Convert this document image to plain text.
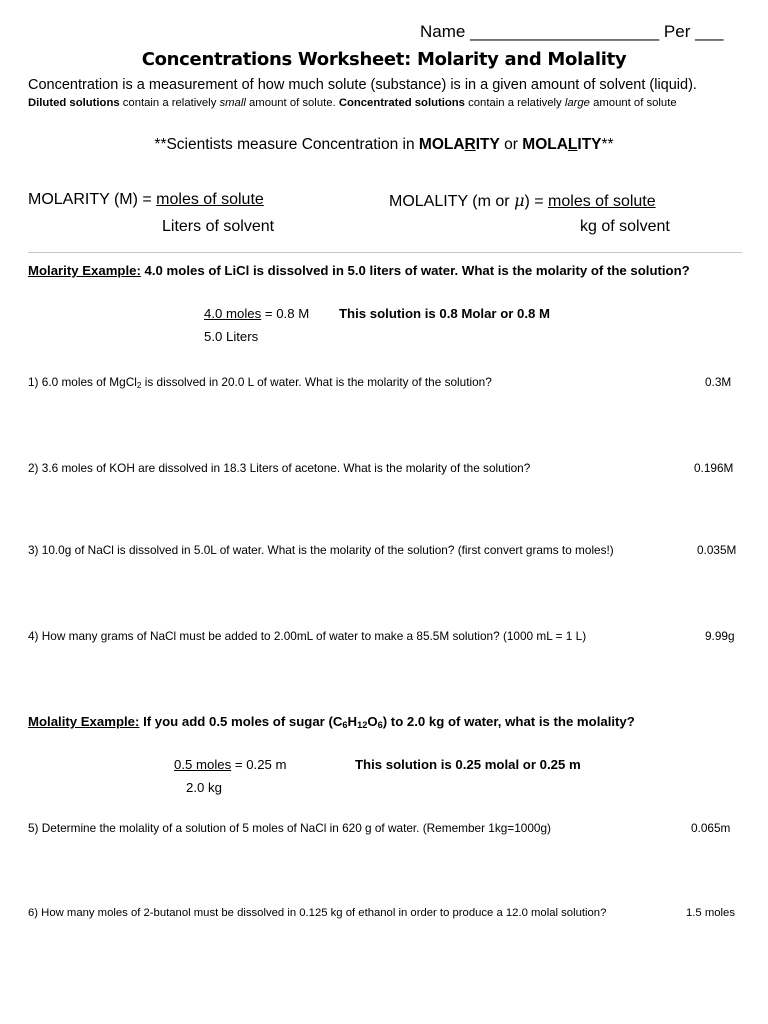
Name ____________________ Per ___
Concentrations Worksheet: Molarity and Molality
Concentration is a measurement of how much solute (substance) is in a given amount of solvent (liquid).
Diluted solutions contain a relatively small amount of solute. Concentrated solutions contain a relatively large amount of solute
**Scientists measure Concentration in MOLARITY or MOLALITY**
MOLARITY (M) = moles of solute
Liters of solvent
MOLALITY (m or μ) = moles of solute
kg of solvent
Molarity Example: 4.0 moles of LiCl is dissolved in 5.0 liters of water. What is the molarity of the solution?
4.0 moles = 0.8 M This solution is 0.8 Molar or 0.8 M
5.0 Liters
1) 6.0 moles of MgCl$_2$ is dissolved in 20.0 L of water. What is the molarity of the solution?	0.3M
2) 3.6 moles of KOH are dissolved in 18.3 Liters of acetone. What is the molarity of the solution?	0.196M
3) 10.0g of NaCl is dissolved in 5.0L of water. What is the molarity of the solution? (first convert grams to moles!)	0.035M
4) How many grams of NaCl must be added to 2.00mL of water to make a 85.5M solution? (1000 mL = 1 L)	9.99g
Molality Example: If you add 0.5 moles of sugar $(C_6H_{12}O_6)$ to 2.0 kg of water, what is the molality?
0.5 moles = 0.25 m	This solution is 0.25 molal or 0.25 m
2.0 kg
5) Determine the molality of a solution of 5 moles of NaCl in 620 g of water. (Remember 1kg=1000g)	0.065m
6) How many moles of 2-butanol must be dissolved in 0.125 kg of ethanol in order to produce a 12.0 molal solution?	1.5 moles
